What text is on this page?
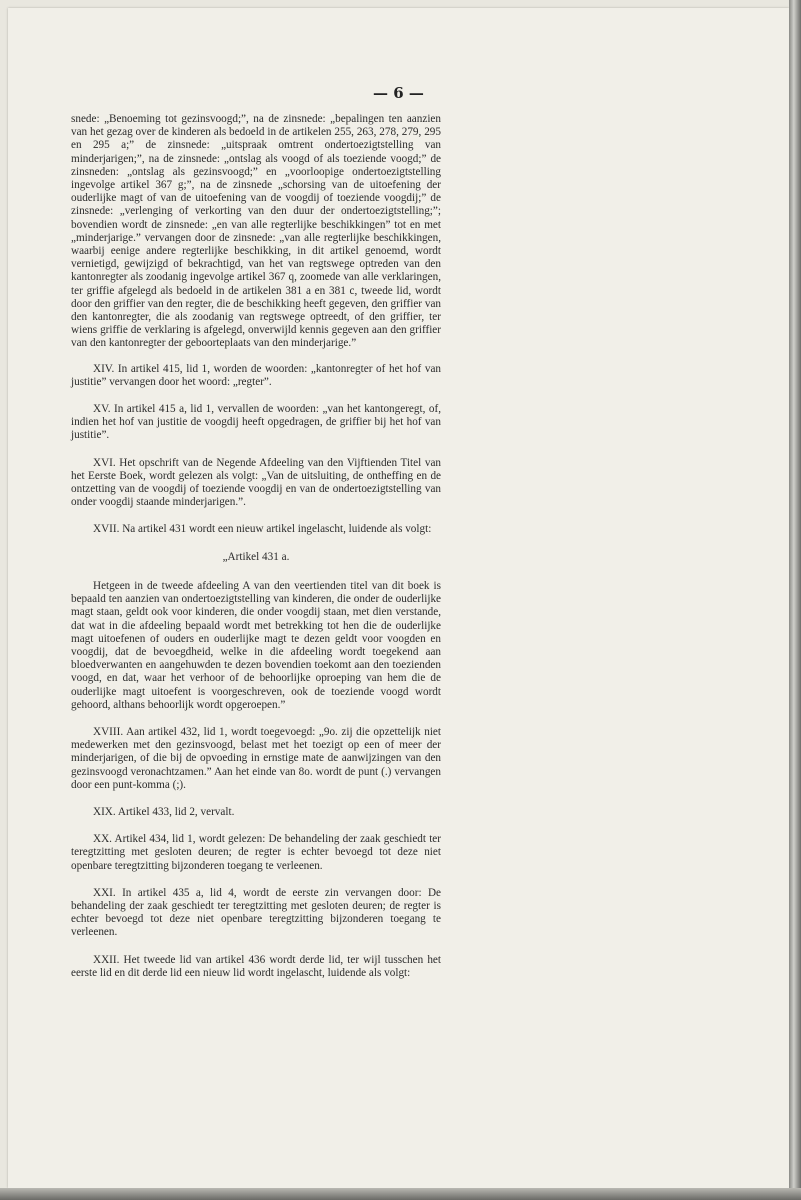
— 6 —

snede: „Benoeming tot gezinsvoogd;”, na de zinsnede: „bepalingen ten aanzien van het gezag over de kinderen als bedoeld in de artikelen 255, 263, 278, 279, 295 en 295 a;” de zinsnede: „uitspraak omtrent ondertoezigtstelling van minderjarigen;”, na de zinsnede: „ontslag als voogd of als toeziende voogd;” de zinsneden: „ontslag als gezinsvoogd;” en „voorloopige ondertoezigtstelling ingevolge artikel 367 g;”, na de zinsnede „schorsing van de uitoefening der ouderlijke magt of van de uitoefening van de voogdij of toeziende voogdij;” de zinsnede: „verlenging of verkorting van den duur der ondertoezigtstelling;”; bovendien wordt de zinsnede: „en van alle regterlijke beschikkingen” tot en met „minderjarige.” vervangen door de zinsnede: „van alle regterlijke beschikkingen, waarbij eenige andere regterlijke beschikking, in dit artikel genoemd, wordt vernietigd, gewijzigd of bekrachtigd, van het van regtswege optreden van den kantonregter als zoodanig ingevolge artikel 367 q, zoomede van alle verklaringen, ter griffie afgelegd als bedoeld in de artikelen 381 a en 381 c, tweede lid, wordt door den griffier van den regter, die de beschikking heeft gegeven, den griffier van den kantonregter, die als zoodanig van regtswege optreedt, of den griffier, ter wiens griffie de verklaring is afgelegd, onverwijld kennis gegeven aan den griffier van den kantonregter der geboorteplaats van den minderjarige.”

XIV. In artikel 415, lid 1, worden de woorden: „kantonregter of het hof van justitie” vervangen door het woord: „regter”.

XV. In artikel 415 a, lid 1, vervallen de woorden: „van het kantongeregt, of, indien het hof van justitie de voogdij heeft opgedragen, de griffier bij het hof van justitie”.

XVI. Het opschrift van de Negende Afdeeling van den Vijftienden Titel van het Eerste Boek, wordt gelezen als volgt: „Van de uitsluiting, de ontheffing en de ontzetting van de voogdij of toeziende voogdij en van de ondertoezigtstelling van onder voogdij staande minderjarigen.”.

XVII. Na artikel 431 wordt een nieuw artikel ingelascht, luidende als volgt:

„Artikel 431 a.

Hetgeen in de tweede afdeeling A van den veertienden titel van dit boek is bepaald ten aanzien van ondertoezigtstelling van kinderen, die onder de ouderlijke magt staan, geldt ook voor kinderen, die onder voogdij staan, met dien verstande, dat wat in die afdeeling bepaald wordt met betrekking tot hen die de ouderlijke magt uitoefenen of ouders en ouderlijke magt te dezen geldt voor voogden en voogdij, dat de bevoegdheid, welke in die afdeeling wordt toegekend aan bloedverwanten en aangehuwden te dezen bovendien toekomt aan den toezienden voogd, en dat, waar het verhoor of de behoorlijke oproeping van hem die de ouderlijke magt uitoefent is voorgeschreven, ook de toeziende voogd wordt gehoord, althans behoorlijk wordt opgeroepen.”

XVIII. Aan artikel 432, lid 1, wordt toegevoegd: „9o. zij die opzettelijk niet medewerken met den gezinsvoogd, belast met het toezigt op een of meer der minderjarigen, of die bij de opvoeding in ernstige mate de aanwijzingen van den gezinsvoogd veronachtzamen.” Aan het einde van 8o. wordt de punt (.) vervangen door een punt-komma (;).

XIX. Artikel 433, lid 2, vervalt.

XX. Artikel 434, lid 1, wordt gelezen: De behandeling der zaak geschiedt ter teregtzitting met gesloten deuren; de regter is echter bevoegd tot deze niet openbare teregtzitting bijzonderen toegang te verleenen.

XXI. In artikel 435 a, lid 4, wordt de eerste zin vervangen door: De behandeling der zaak geschiedt ter teregtzitting met gesloten deuren; de regter is echter bevoegd tot deze niet openbare teregtzitting bijzonderen toegang te verleenen.

XXII. Het tweede lid van artikel 436 wordt derde lid, ter wijl tusschen het eerste lid en dit derde lid een nieuw lid wordt ingelascht, luidende als volgt:
